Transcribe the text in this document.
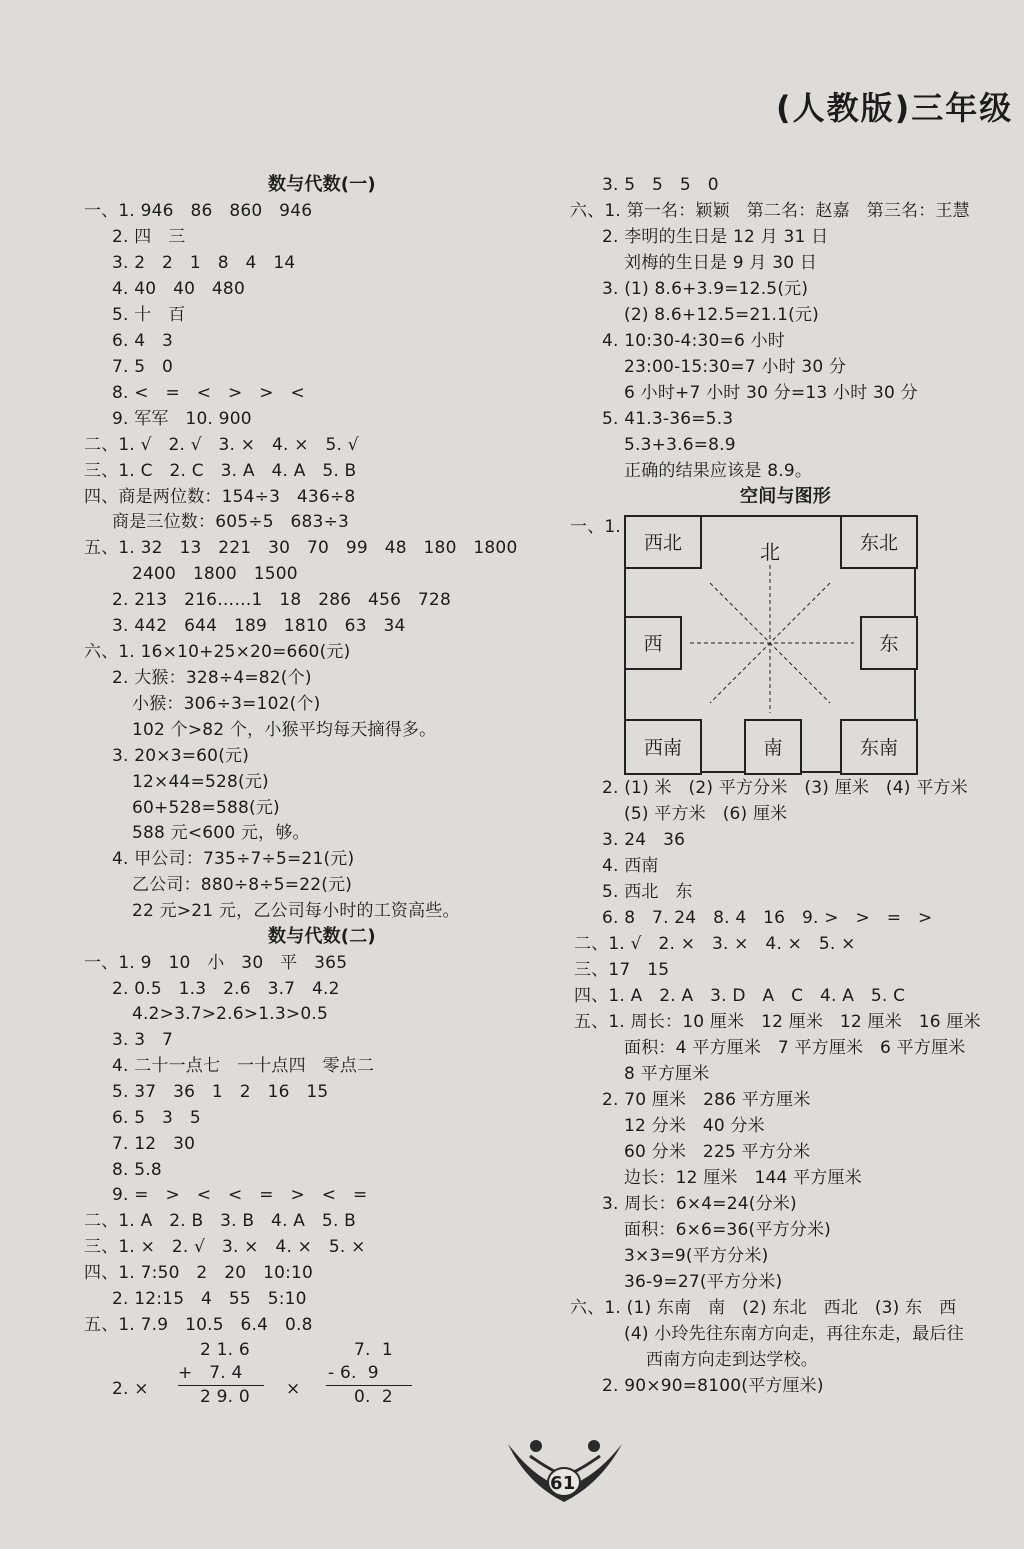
(人教版)三年级
数与代数(一)
一、1. 946   86   860   946
2. 四   三
3. 2   2   1   8   4   14
4. 40   40   480
5. 十   百
6. 4   3
7. 5   0
8. <   =   <   >   >   <
9. 军军   10. 900
二、1. √   2. √   3. ×   4. ×   5. √
三、1. C   2. C   3. A   4. A   5. B
四、商是两位数：154÷3   436÷8
商是三位数：605÷5   683÷3
五、1. 32   13   221   30   70   99   48   180   1800
2400   1800   1500
2. 213   216……1   18   286   456   728
3. 442   644   189   1810   63   34
六、1. 16×10+25×20=660(元)
2. 大猴：328÷4=82(个)
小猴：306÷3=102(个)
102 个>82 个，小猴平均每天摘得多。
3. 20×3=60(元)
12×44=528(元)
60+528=588(元)
588 元<600 元，够。
4. 甲公司：735÷7÷5=21(元)
乙公司：880÷8÷5=22(元)
22 元>21 元，乙公司每小时的工资高些。
数与代数(二)
一、1. 9   10   小   30   平   365
2. 0.5   1.3   2.6   3.7   4.2
4.2>3.7>2.6>1.3>0.5
3. 3   7
4. 二十一点七   一十点四   零点二
5. 37   36   1   2   16   15
6. 5   3   5
7. 12   30
8. 5.8
9. =   >   <   <   =   >   <   =
二、1. A   2. B   3. B   4. A   5. B
三、1. ×   2. √   3. ×   4. ×   5. ×
四、1. 7:50   2   20   10:10
2. 12:15   4   55   5:10
五、1. 7.9   10.5   6.4   0.8
2. ×
2 1. 6
+   7. 4
2 9. 0 ×
7.  1
- 6.  9
0.  2
3. 5   5   5   0
六、1. 第一名：颖颖   第二名：赵嘉   第三名：王慧
2. 李明的生日是 12 月 31 日
刘梅的生日是 9 月 30 日
3. (1) 8.6+3.9=12.5(元)
(2) 8.6+12.5=21.1(元)
4. 10:30-4:30=6 小时
23:00-15:30=7 小时 30 分
6 小时+7 小时 30 分=13 小时 30 分
5. 41.3-36=5.3
5.3+3.6=8.9
正确的结果应该是 8.9。
空间与图形
一、1.
西北	东北
西	东
西南	南	东南
北
2. (1) 米   (2) 平方分米   (3) 厘米   (4) 平方米
(5) 平方米   (6) 厘米
3. 24   36
4. 西南
5. 西北   东
6. 8   7. 24   8. 4   16   9. >   >   =   >
二、1. √   2. ×   3. ×   4. ×   5. ×
三、17   15
四、1. A   2. A   3. D   A   C   4. A   5. C
五、1. 周长：10 厘米   12 厘米   12 厘米   16 厘米
面积：4 平方厘米   7 平方厘米   6 平方厘米
8 平方厘米
2. 70 厘米   286 平方厘米
12 分米   40 分米
60 分米   225 平方分米
边长：12 厘米   144 平方厘米
3. 周长：6×4=24(分米)
面积：6×6=36(平方分米)
3×3=9(平方分米)
36-9=27(平方分米)
六、1. (1) 东南   南   (2) 东北   西北   (3) 东   西
(4) 小玲先往东南方向走，再往东走，最后往
西南方向走到达学校。
2. 90×90=8100(平方厘米)
61
